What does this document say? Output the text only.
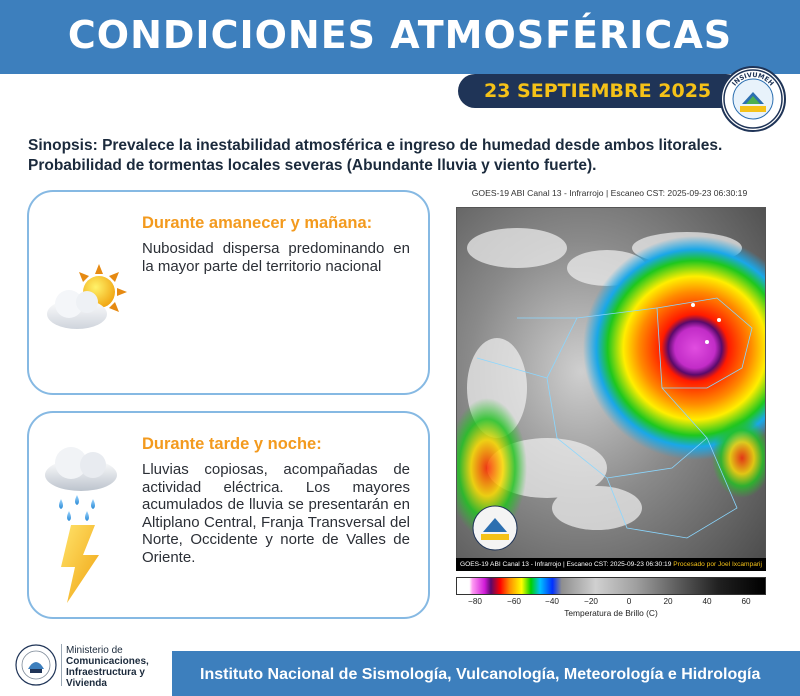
CONDICIONES ATMOSFÉRICAS
23 SEPTIEMBRE 2025	INSIVUMEH
Sinopsis: Prevalece la inestabilidad atmosférica e ingreso de humedad desde ambos litorales. Probabilidad de tormentas locales severas (Abundante lluvia y viento fuerte).
Durante amanecer y mañana:
Nubosidad dispersa predominando en la mayor parte del territorio nacional
Durante tarde y noche:
Lluvias copiosas, acompañadas de actividad eléctrica. Los mayores acumulados de lluvia se presentarán en Altiplano Central, Franja Transversal del Norte, Occidente y norte de Valles de Oriente.
GOES-19 ABI Canal 13 - Infrarrojo | Escaneo CST: 2025-09-23 06:30:19
GOES-19 ABI Canal 13 - Infrarrojo | Escaneo CST: 2025-09-23 06:30:19 Procesado por Joel Ixcamparij
−80	−60	−40	−20	0	20	40	60
Temperatura de Brillo (C)
Ministerio de
Comunicaciones,
Infraestructura y
Vivienda
Instituto Nacional de Sismología, Vulcanología, Meteorología e Hidrología
